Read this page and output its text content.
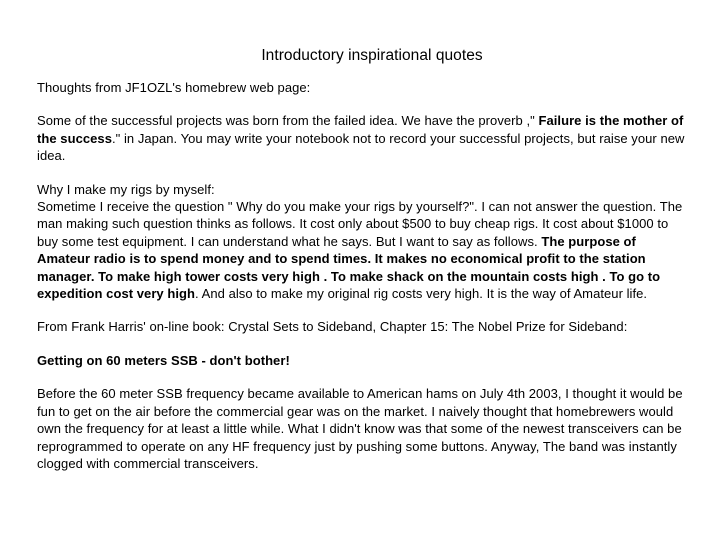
Introductory inspirational quotes
Thoughts from JF1OZL's homebrew web page:
Some of the successful projects was born from the failed idea. We have the proverb ," Failure is the mother of the success." in Japan. You may write your notebook not to record your successful projects, but raise your new idea.
Why I make my rigs by myself:
Sometime I receive the question " Why do you make your rigs by yourself?". I can not answer the question. The man making such question thinks as follows. It cost only about $500 to buy cheap rigs. It cost about $1000 to buy some test equipment. I can understand what he says. But I want to say as follows. The purpose of Amateur radio is to spend money and to spend times. It makes no economical profit to the station manager. To make high tower costs very high . To make shack on the mountain costs high . To go to expedition cost very high. And also to make my original rig costs very high. It is the way of Amateur life.
From Frank Harris' on-line book: Crystal Sets to Sideband, Chapter 15: The Nobel Prize for Sideband:
Getting on 60 meters SSB - don't bother!
Before the 60 meter SSB frequency became available to American hams on July 4th 2003, I thought it would be fun to get on the air before the commercial gear was on the market. I naively thought that homebrewers would own the frequency for at least a little while. What I didn't know was that some of the newest transceivers can be reprogrammed to operate on any HF frequency just by pushing some buttons. Anyway, The band was instantly clogged with commercial transceivers.
